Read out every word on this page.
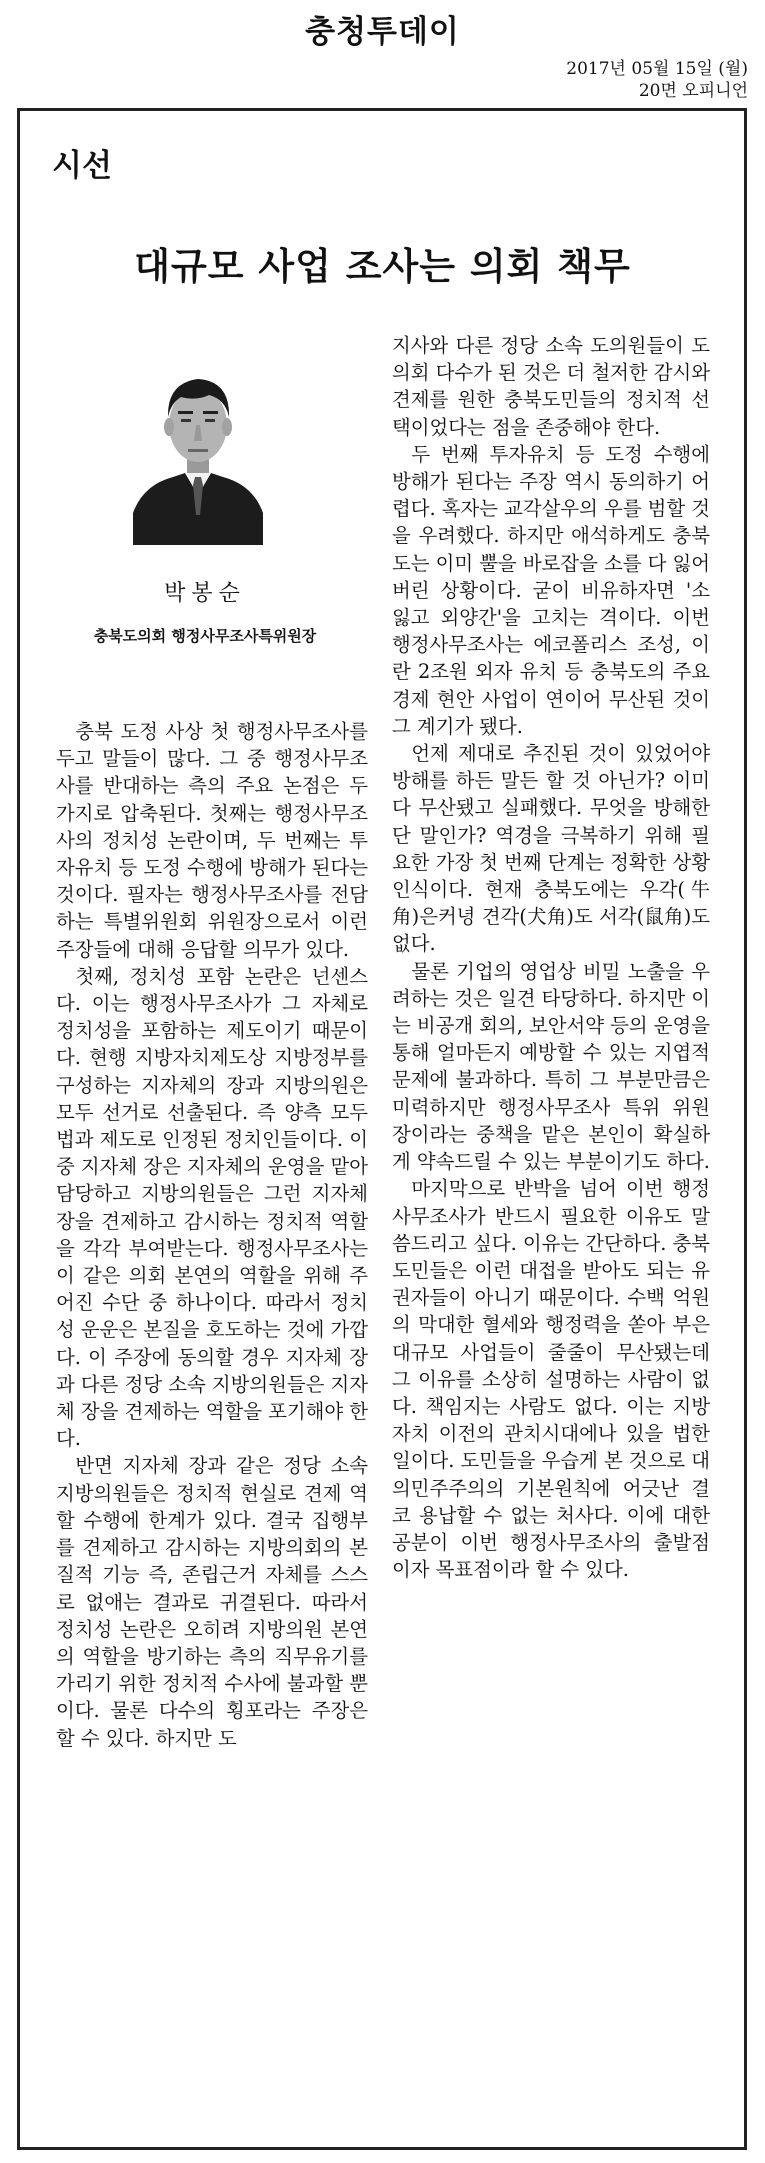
충청투데이
2017년 05월 15일 (월)
20면 오피니언
시선
대규모 사업 조사는 의회 책무
박봉순
충북도의회 행정사무조사특위원장

충북 도정 사상 첫 행정사무조사를 두고 말들이 많다. 그 중 행정사무조사를 반대하는 측의 주요 논점은 두 가지로 압축된다. 첫째는 행정사무조사의 정치성 논란이며, 두 번째는 투자유치 등 도정 수행에 방해가 된다는 것이다. 필자는 행정사무조사를 전담하는 특별위원회 위원장으로서 이런 주장들에 대해 응답할 의무가 있다.

첫째, 정치성 포함 논란은 넌센스다. 이는 행정사무조사가 그 자체로 정치성을 포함하는 제도이기 때문이다. 현행 지방자치제도상 지방정부를 구성하는 지자체의 장과 지방의원은 모두 선거로 선출된다. 즉 양측 모두 법과 제도로 인정된 정치인들이다. 이 중 지자체 장은 지자체의 운영을 맡아 담당하고 지방의원들은 그런 지자체 장을 견제하고 감시하는 정치적 역할을 각각 부여받는다. 행정사무조사는 이 같은 의회 본연의 역할을 위해 주어진 수단 중 하나이다. 따라서 정치성 운운은 본질을 호도하는 것에 가깝다. 이 주장에 동의할 경우 지자체 장과 다른 정당 소속 지방의원들은 지자체 장을 견제하는 역할을 포기해야 한다.

반면 지자체 장과 같은 정당 소속 지방의원들은 정치적 현실로 견제 역할 수행에 한계가 있다. 결국 집행부를 견제하고 감시하는 지방의회의 본질적 기능 즉, 존립근거 자체를 스스로 없애는 결과로 귀결된다. 따라서 정치성 논란은 오히려 지방의원 본연의 역할을 방기하는 측의 직무유기를 가리기 위한 정치적 수사에 불과할 뿐이다. 물론 다수의 횡포라는 주장은 할 수 있다. 하지만 도

지사와 다른 정당 소속 도의원들이 도의회 다수가 된 것은 더 철저한 감시와 견제를 원한 충북도민들의 정치적 선택이었다는 점을 존중해야 한다.

두 번째 투자유치 등 도정 수행에 방해가 된다는 주장 역시 동의하기 어렵다. 혹자는 교각살우의 우를 범할 것을 우려했다. 하지만 애석하게도 충북도는 이미 뿔을 바로잡을 소를 다 잃어버린 상황이다. 굳이 비유하자면 '소 잃고 외양간'을 고치는 격이다. 이번 행정사무조사는 에코폴리스 조성, 이란 2조원 외자 유치 등 충북도의 주요경제 현안 사업이 연이어 무산된 것이 그 계기가 됐다.

언제 제대로 추진된 것이 있었어야 방해를 하든 말든 할 것 아닌가? 이미 다 무산됐고 실패했다. 무엇을 방해한단 말인가? 역경을 극복하기 위해 필요한 가장 첫 번째 단계는 정확한 상황인식이다. 현재 충북도에는 우각(牛角)은커녕 견각(犬角)도 서각(鼠角)도 없다.

물론 기업의 영업상 비밀 노출을 우려하는 것은 일견 타당하다. 하지만 이는 비공개 회의, 보안서약 등의 운영을 통해 얼마든지 예방할 수 있는 지엽적 문제에 불과하다. 특히 그 부분만큼은 미력하지만 행정사무조사 특위 위원장이라는 중책을 맡은 본인이 확실하게 약속드릴 수 있는 부분이기도 하다.

마지막으로 반박을 넘어 이번 행정사무조사가 반드시 필요한 이유도 말씀드리고 싶다. 이유는 간단하다. 충북도민들은 이런 대접을 받아도 되는 유권자들이 아니기 때문이다. 수백 억원의 막대한 혈세와 행정력을 쏟아 부은 대규모 사업들이 줄줄이 무산됐는데 그 이유를 소상히 설명하는 사람이 없다. 책임지는 사람도 없다. 이는 지방자치 이전의 관치시대에나 있을 법한 일이다. 도민들을 우습게 본 것으로 대의민주주의의 기본원칙에 어긋난 결코 용납할 수 없는 처사다. 이에 대한 공분이 이번 행정사무조사의 출발점이자 목표점이라 할 수 있다.
